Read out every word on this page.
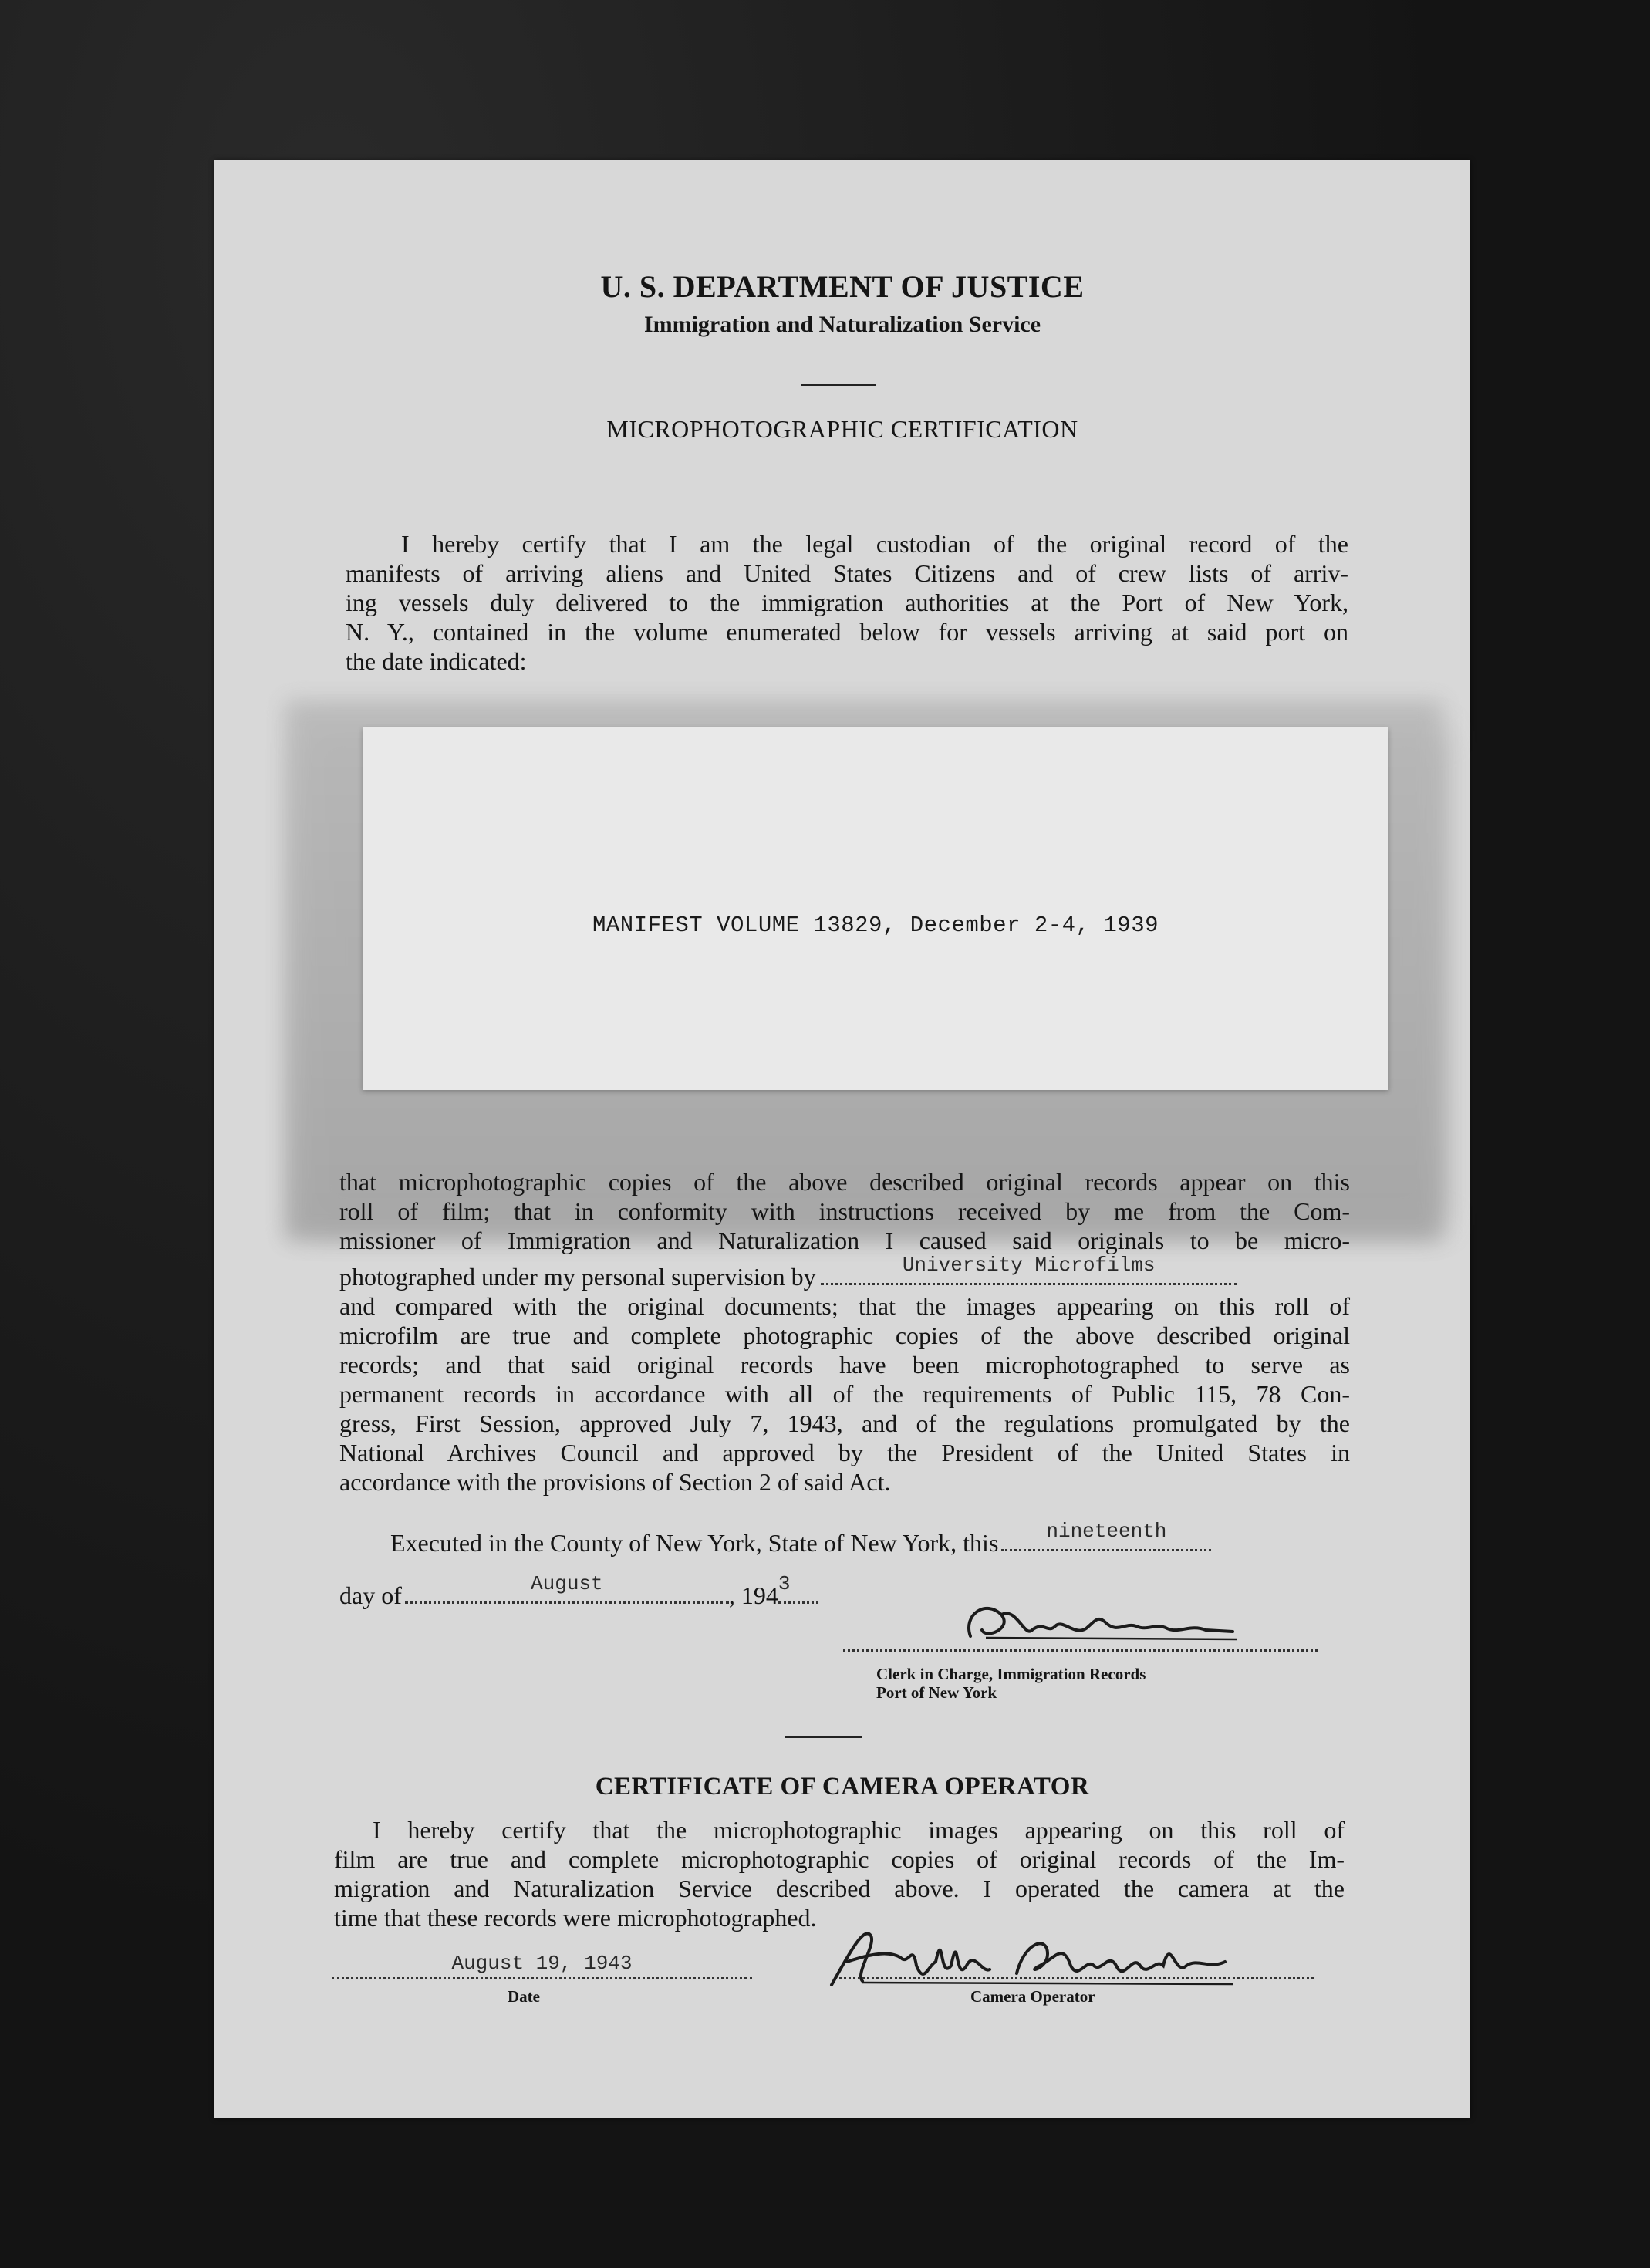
U. S. DEPARTMENT OF JUSTICE
Immigration and Naturalization Service
MICROPHOTOGRAPHIC CERTIFICATION
I hereby certify that I am the legal custodian of the original record of the
manifests of arriving aliens and United States Citizens and of crew lists of arriv-
ing vessels duly delivered to the immigration authorities at the Port of New York,
N. Y., contained in the volume enumerated below for vessels arriving at said port on
the date indicated:
MANIFEST VOLUME 13829, December 2-4, 1939
that microphotographic copies of the above described original records appear on this
roll of film; that in conformity with instructions received by me from the Com-
missioner of Immigration and Naturalization I caused said originals to be micro-
photographed under my personal supervision by	University Microfilms
and compared with the original documents; that the images appearing on this roll of
microfilm are true and complete photographic copies of the above described original
records; and that said original records have been microphotographed to serve as
permanent records in accordance with all of the requirements of Public 115, 78 Con-
gress, First Session, approved July 7, 1943, and of the regulations promulgated by the
National Archives Council and approved by the President of the United States in
accordance with the provisions of Section 2 of said Act.
Executed in the County of New York, State of New York, this	nineteenth
day of	August	, 194 3
Clerk in Charge, Immigration Records
Port of New York
CERTIFICATE OF CAMERA OPERATOR
I hereby certify that the microphotographic images appearing on this roll of
film are true and complete microphotographic copies of original records of the Im-
migration and Naturalization Service described above. I operated the camera at the
time that these records were microphotographed.
August 19, 1943
Date	Camera Operator
